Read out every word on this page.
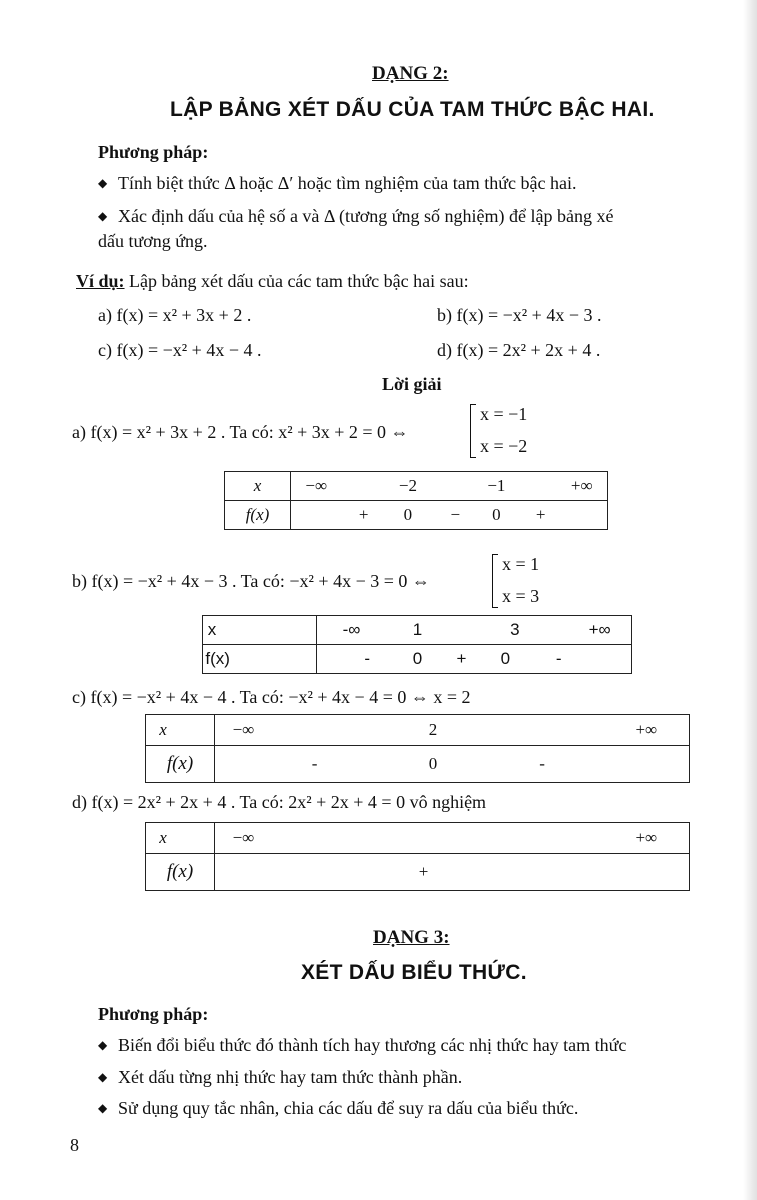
DẠNG 2:
LẬP BẢNG XÉT DẤU CỦA TAM THỨC BẬC HAI.
Phương pháp:
◆ Tính biệt thức Δ hoặc Δ′ hoặc tìm nghiệm của tam thức bậc hai.
◆ Xác định dấu của hệ số a và Δ (tương ứng số nghiệm) để lập bảng xé
dấu tương ứng.
Ví dụ: Lập bảng xét dấu của các tam thức bậc hai sau:
a) f(x) = x² + 3x + 2 .	b) f(x) = −x² + 4x − 3 .
c) f(x) = −x² + 4x − 4 .	d) f(x) = 2x² + 2x + 4 .
Lời giải
a) f(x) = x² + 3x + 2 . Ta có: x² + 3x + 2 = 0 ⇔
x = −1
x = −2
x	−∞ −2 −1 +∞

f(x)	+ 0 − 0 +
b) f(x) = −x² + 4x − 3 . Ta có: −x² + 4x − 3 = 0 ⇔
x = 1
x = 3
x	-∞ 1 3 +∞

f(x)	- 0 + 0 -
c) f(x) = −x² + 4x − 4 . Ta có: −x² + 4x − 4 = 0 ⇔ x = 2
x	−∞ 2 +∞

f(x)	- 0 -
d) f(x) = 2x² + 2x + 4 . Ta có: 2x² + 2x + 4 = 0 vô nghiệm
x	−∞ +∞

f(x)	+
DẠNG 3:
XÉT DẤU BIỂU THỨC.
Phương pháp:
◆ Biến đổi biểu thức đó thành tích hay thương các nhị thức hay tam thức
◆ Xét dấu từng nhị thức hay tam thức thành phần.
◆ Sử dụng quy tắc nhân, chia các dấu để suy ra dấu của biểu thức.
8
